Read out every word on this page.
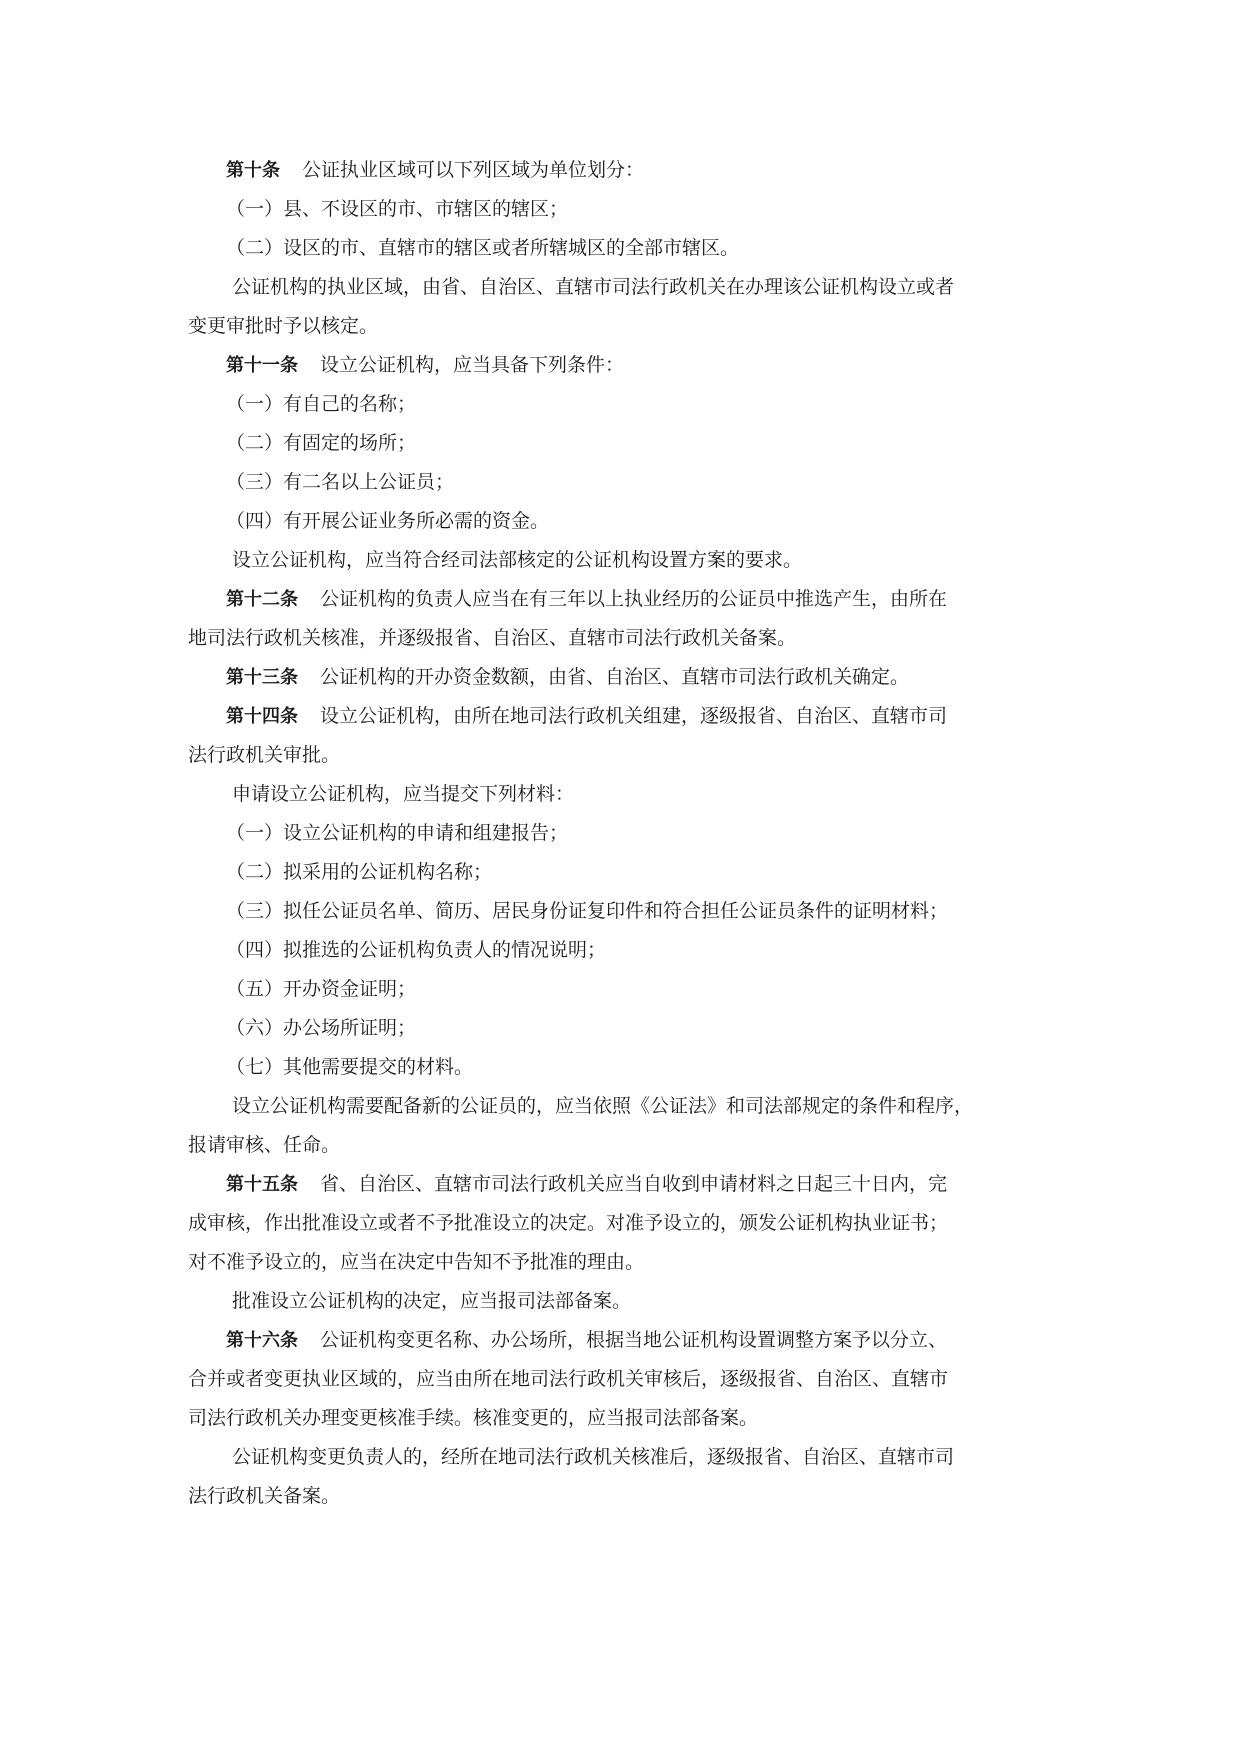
第十条 公证执业区域可以下列区域为单位划分：

（一）县、不设区的市、市辖区的辖区；

（二）设区的市、直辖市的辖区或者所辖城区的全部市辖区。

公证机构的执业区域，由省、自治区、直辖市司法行政机关在办理该公证机构设立或者

变更审批时予以核定。

第十一条 设立公证机构，应当具备下列条件：

（一）有自己的名称；

（二）有固定的场所；

（三）有二名以上公证员；

（四）有开展公证业务所必需的资金。

设立公证机构，应当符合经司法部核定的公证机构设置方案的要求。

第十二条 公证机构的负责人应当在有三年以上执业经历的公证员中推选产生，由所在

地司法行政机关核准，并逐级报省、自治区、直辖市司法行政机关备案。

第十三条 公证机构的开办资金数额，由省、自治区、直辖市司法行政机关确定。

第十四条 设立公证机构，由所在地司法行政机关组建，逐级报省、自治区、直辖市司

法行政机关审批。

申请设立公证机构，应当提交下列材料：

（一）设立公证机构的申请和组建报告；

（二）拟采用的公证机构名称；

（三）拟任公证员名单、简历、居民身份证复印件和符合担任公证员条件的证明材料；

（四）拟推选的公证机构负责人的情况说明；

（五）开办资金证明；

（六）办公场所证明；

（七）其他需要提交的材料。

设立公证机构需要配备新的公证员的，应当依照《公证法》和司法部规定的条件和程序，

报请审核、任命。

第十五条 省、自治区、直辖市司法行政机关应当自收到申请材料之日起三十日内，完

成审核，作出批准设立或者不予批准设立的决定。对准予设立的，颁发公证机构执业证书；

对不准予设立的，应当在决定中告知不予批准的理由。

批准设立公证机构的决定，应当报司法部备案。

第十六条 公证机构变更名称、办公场所，根据当地公证机构设置调整方案予以分立、

合并或者变更执业区域的，应当由所在地司法行政机关审核后，逐级报省、自治区、直辖市

司法行政机关办理变更核准手续。核准变更的，应当报司法部备案。

公证机构变更负责人的，经所在地司法行政机关核准后，逐级报省、自治区、直辖市司

法行政机关备案。
